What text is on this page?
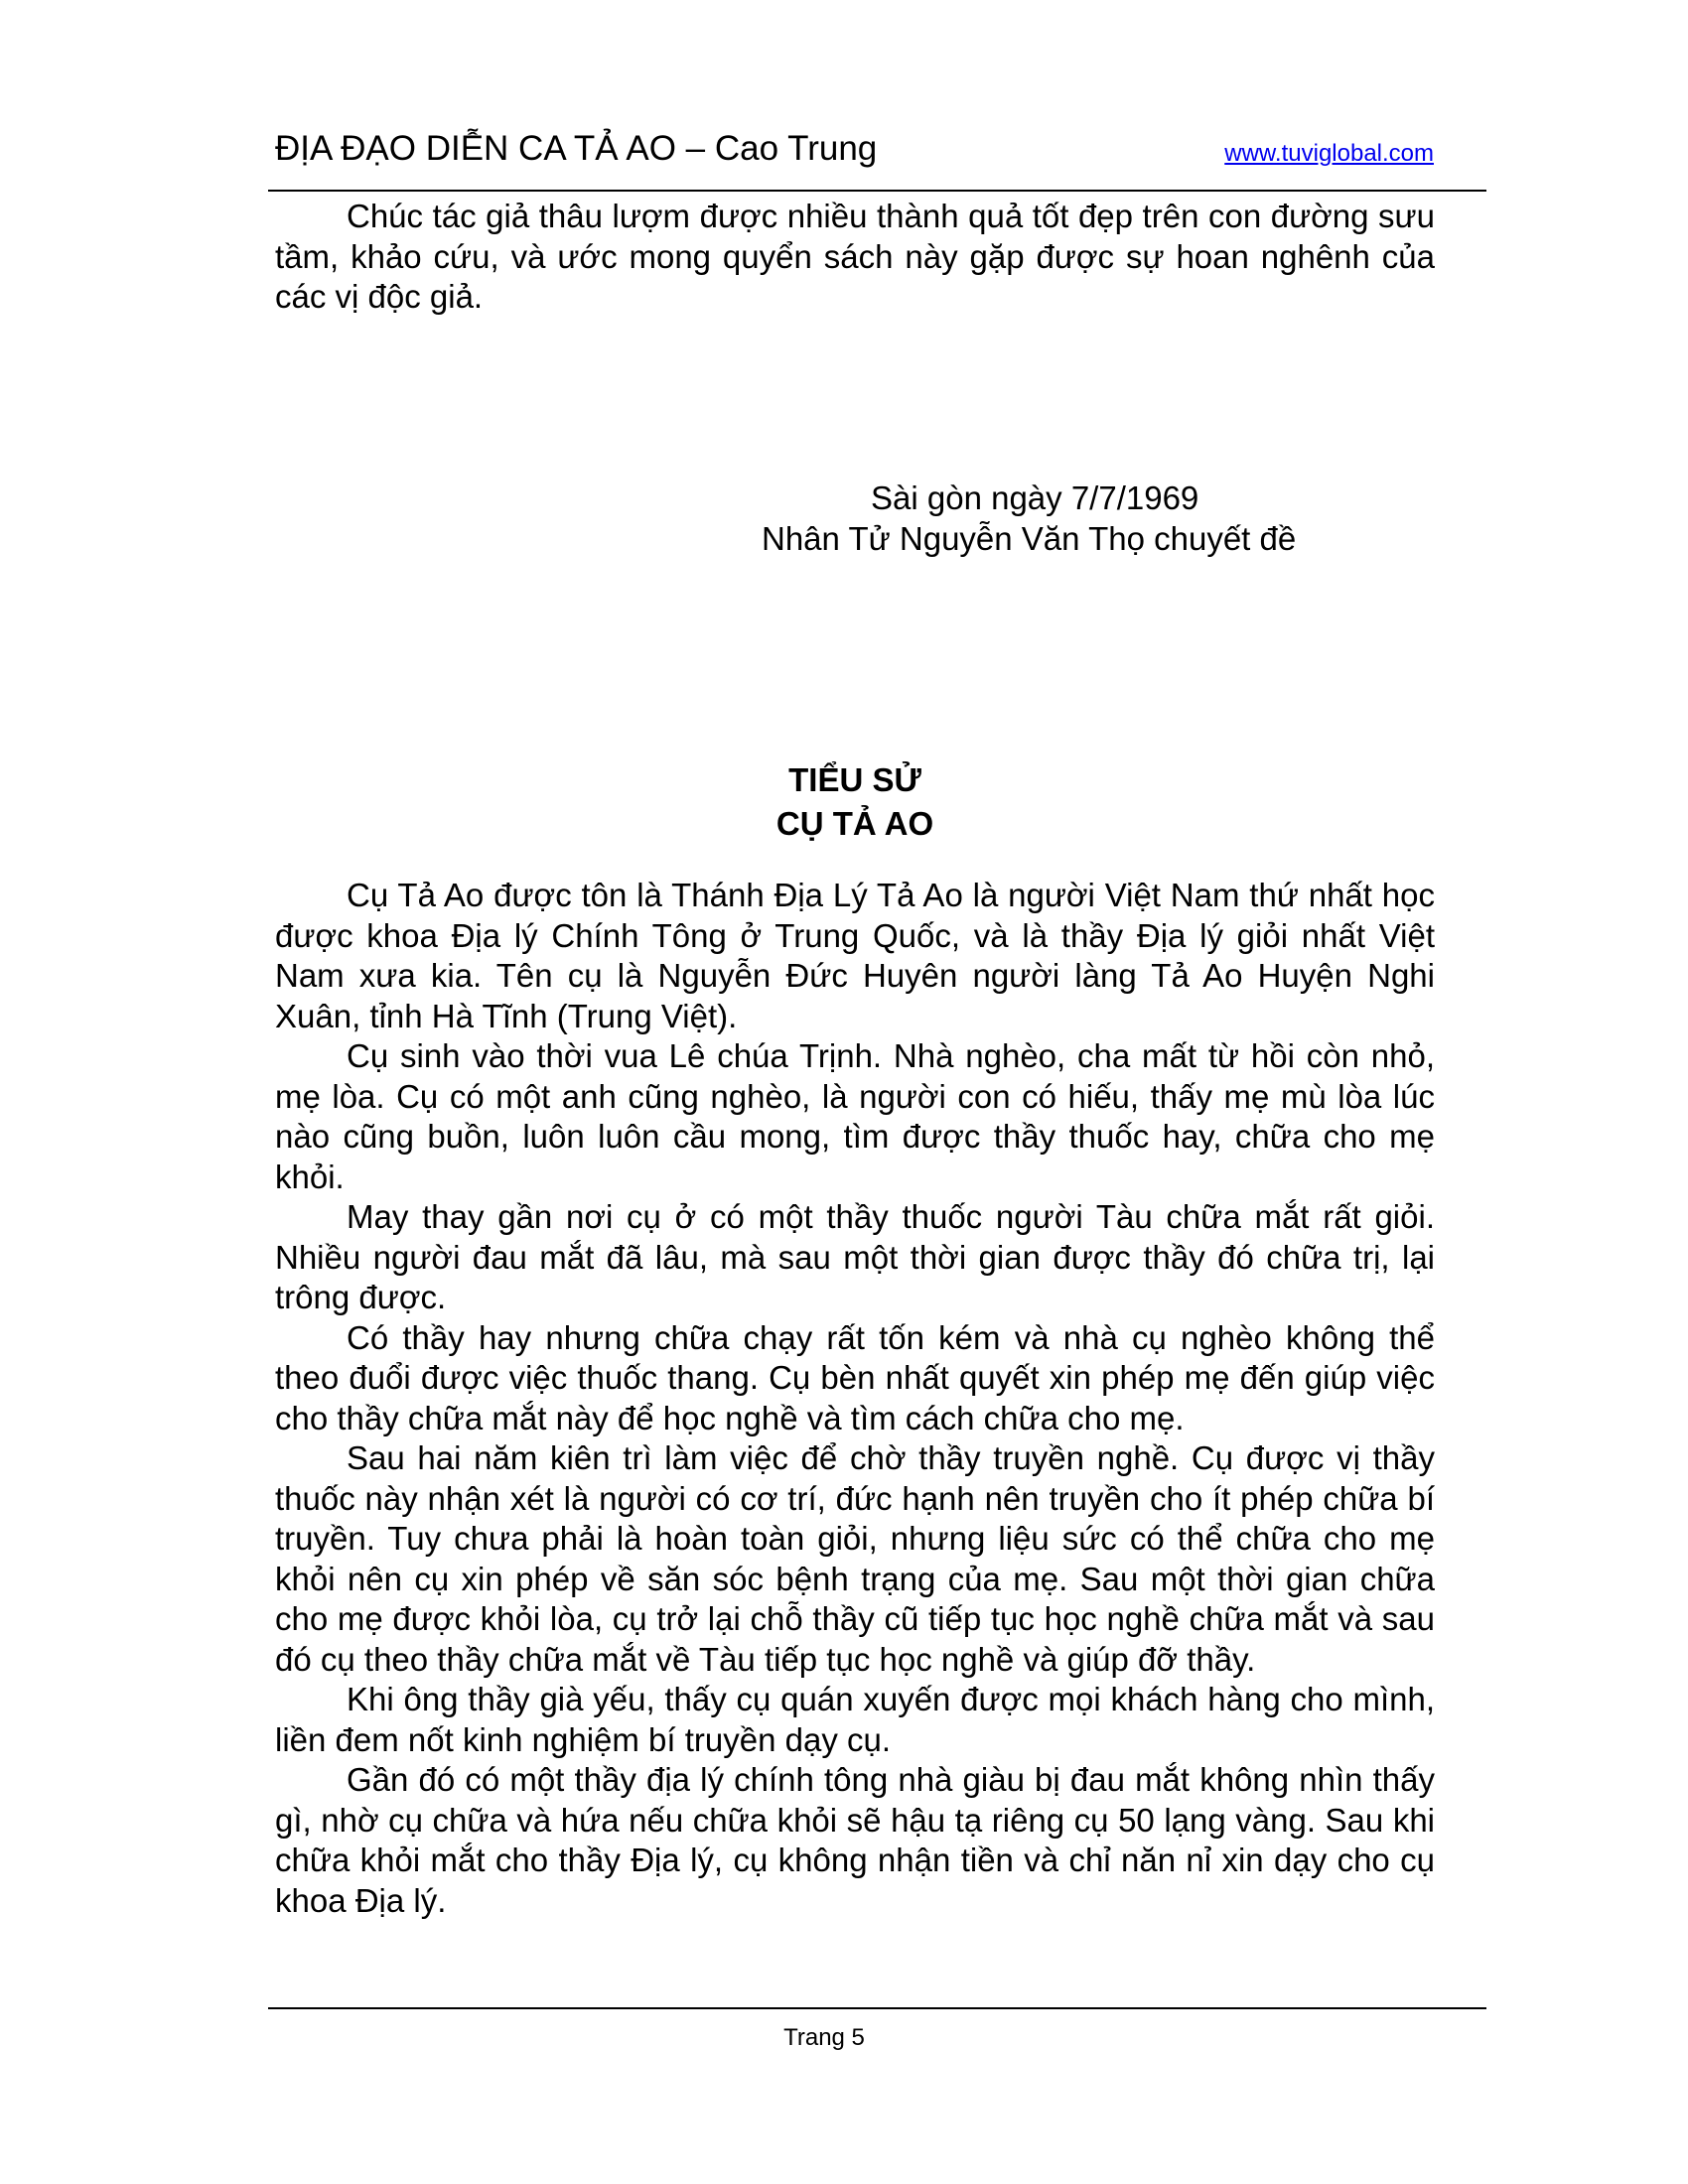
ĐỊA ĐẠO DIỄN CA TẢ AO – Cao Trung	www.tuviglobal.com

Chúc tác giả thâu lượm được nhiều thành quả tốt đẹp trên con đường sưu tầm, khảo cứu, và ước mong quyển sách này gặp được sự hoan nghênh của các vị độc giả.

Sài gòn ngày 7/7/1969
Nhân Tử Nguyễn Văn Thọ chuyết đề
TIỂU SỬ
CỤ TẢ AO

Cụ Tả Ao được tôn là Thánh Địa Lý Tả Ao là người Việt Nam thứ nhất học được khoa Địa lý Chính Tông ở Trung Quốc, và là thầy Địa lý giỏi nhất Việt Nam xưa kia. Tên cụ là Nguyễn Đức Huyên người làng Tả Ao Huyện Nghi Xuân, tỉnh Hà Tĩnh (Trung Việt).

Cụ sinh vào thời vua Lê chúa Trịnh. Nhà nghèo, cha mất từ hồi còn nhỏ, mẹ lòa. Cụ có một anh cũng nghèo, là người con có hiếu, thấy mẹ mù lòa lúc nào cũng buồn, luôn luôn cầu mong, tìm được thầy thuốc hay, chữa cho mẹ khỏi.

May thay gần nơi cụ ở có một thầy thuốc người Tàu chữa mắt rất giỏi. Nhiều người đau mắt đã lâu, mà sau một thời gian được thầy đó chữa trị, lại trông được.

Có thầy hay nhưng chữa chạy rất tốn kém và nhà cụ nghèo không thể theo đuổi được việc thuốc thang. Cụ bèn nhất quyết xin phép mẹ đến giúp việc cho thầy chữa mắt này để học nghề và tìm cách chữa cho mẹ.

Sau hai năm kiên trì làm việc để chờ thầy truyền nghề. Cụ được vị thầy thuốc này nhận xét là người có cơ trí, đức hạnh nên truyền cho ít phép chữa bí truyền. Tuy chưa phải là hoàn toàn giỏi, nhưng liệu sức có thể chữa cho mẹ khỏi nên cụ xin phép về săn sóc bệnh trạng của mẹ. Sau một thời gian chữa cho mẹ được khỏi lòa, cụ trở lại chỗ thầy cũ tiếp tục học nghề chữa mắt và sau đó cụ theo thầy chữa mắt về Tàu tiếp tục học nghề và giúp đỡ thầy.

Khi ông thầy già yếu, thấy cụ quán xuyến được mọi khách hàng cho mình, liền đem nốt kinh nghiệm bí truyền dạy cụ.

Gần đó có một thầy địa lý chính tông nhà giàu bị đau mắt không nhìn thấy gì, nhờ cụ chữa và hứa nếu chữa khỏi sẽ hậu tạ riêng cụ 50 lạng vàng. Sau khi chữa khỏi mắt cho thầy Địa lý, cụ không nhận tiền và chỉ năn nỉ xin dạy cho cụ khoa Địa lý.

Trang 5
